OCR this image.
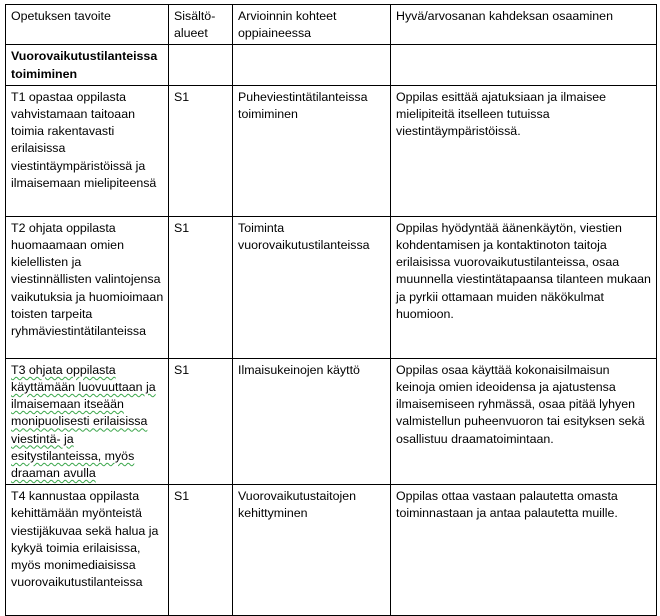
Opetuksen tavoite	Sisältö-alueet	Arvioinnin kohteet oppiaineessa	Hyvä/arvosanan kahdeksan osaaminen
Vuorovaikutustilanteissa toimiminen			
T1 opastaa oppilasta vahvistamaan taitoaan toimia rakentavasti erilaisissa viestintäympäristöissä ja ilmaisemaan mielipiteensä	S1	Puheviestintätilanteissa toimiminen	Oppilas esittää ajatuksiaan ja ilmaisee mielipiteitä itselleen tutuissa viestintäympäristöissä.
T2 ohjata oppilasta huomaamaan omien kielellisten ja viestinnällisten valintojensa vaikutuksia ja huomioimaan toisten tarpeita ryhmäviestintätilanteissa	S1	Toiminta vuorovaikutustilanteissa	Oppilas hyödyntää äänenkäytön, viestien kohdentamisen ja kontaktinoton taitoja erilaisissa vuorovaikutustilanteissa, osaa muunnella viestintätapaansa tilanteen mukaan ja pyrkii ottamaan muiden näkökulmat huomioon.
T3 ohjata oppilasta käyttämään luovuuttaan ja ilmaisemaan itseään monipuolisesti erilaisissa viestintä- ja esitystilanteissa, myös draaman avulla	S1	Ilmaisukeinojen käyttö	Oppilas osaa käyttää kokonaisilmaisun keinoja omien ideoidensa ja ajatustensa ilmaisemiseen ryhmässä, osaa pitää lyhyen valmistellun puheenvuoron tai esityksen sekä osallistuu draamatoimintaan.
T4 kannustaa oppilasta kehittämään myönteistä viestijäkuvaa sekä halua ja kykyä toimia erilaisissa, myös monimediaisissa vuorovaikutustilanteissa	S1	Vuorovaikutustaitojen kehittyminen	Oppilas ottaa vastaan palautetta omasta toiminnastaan ja antaa palautetta muille.
